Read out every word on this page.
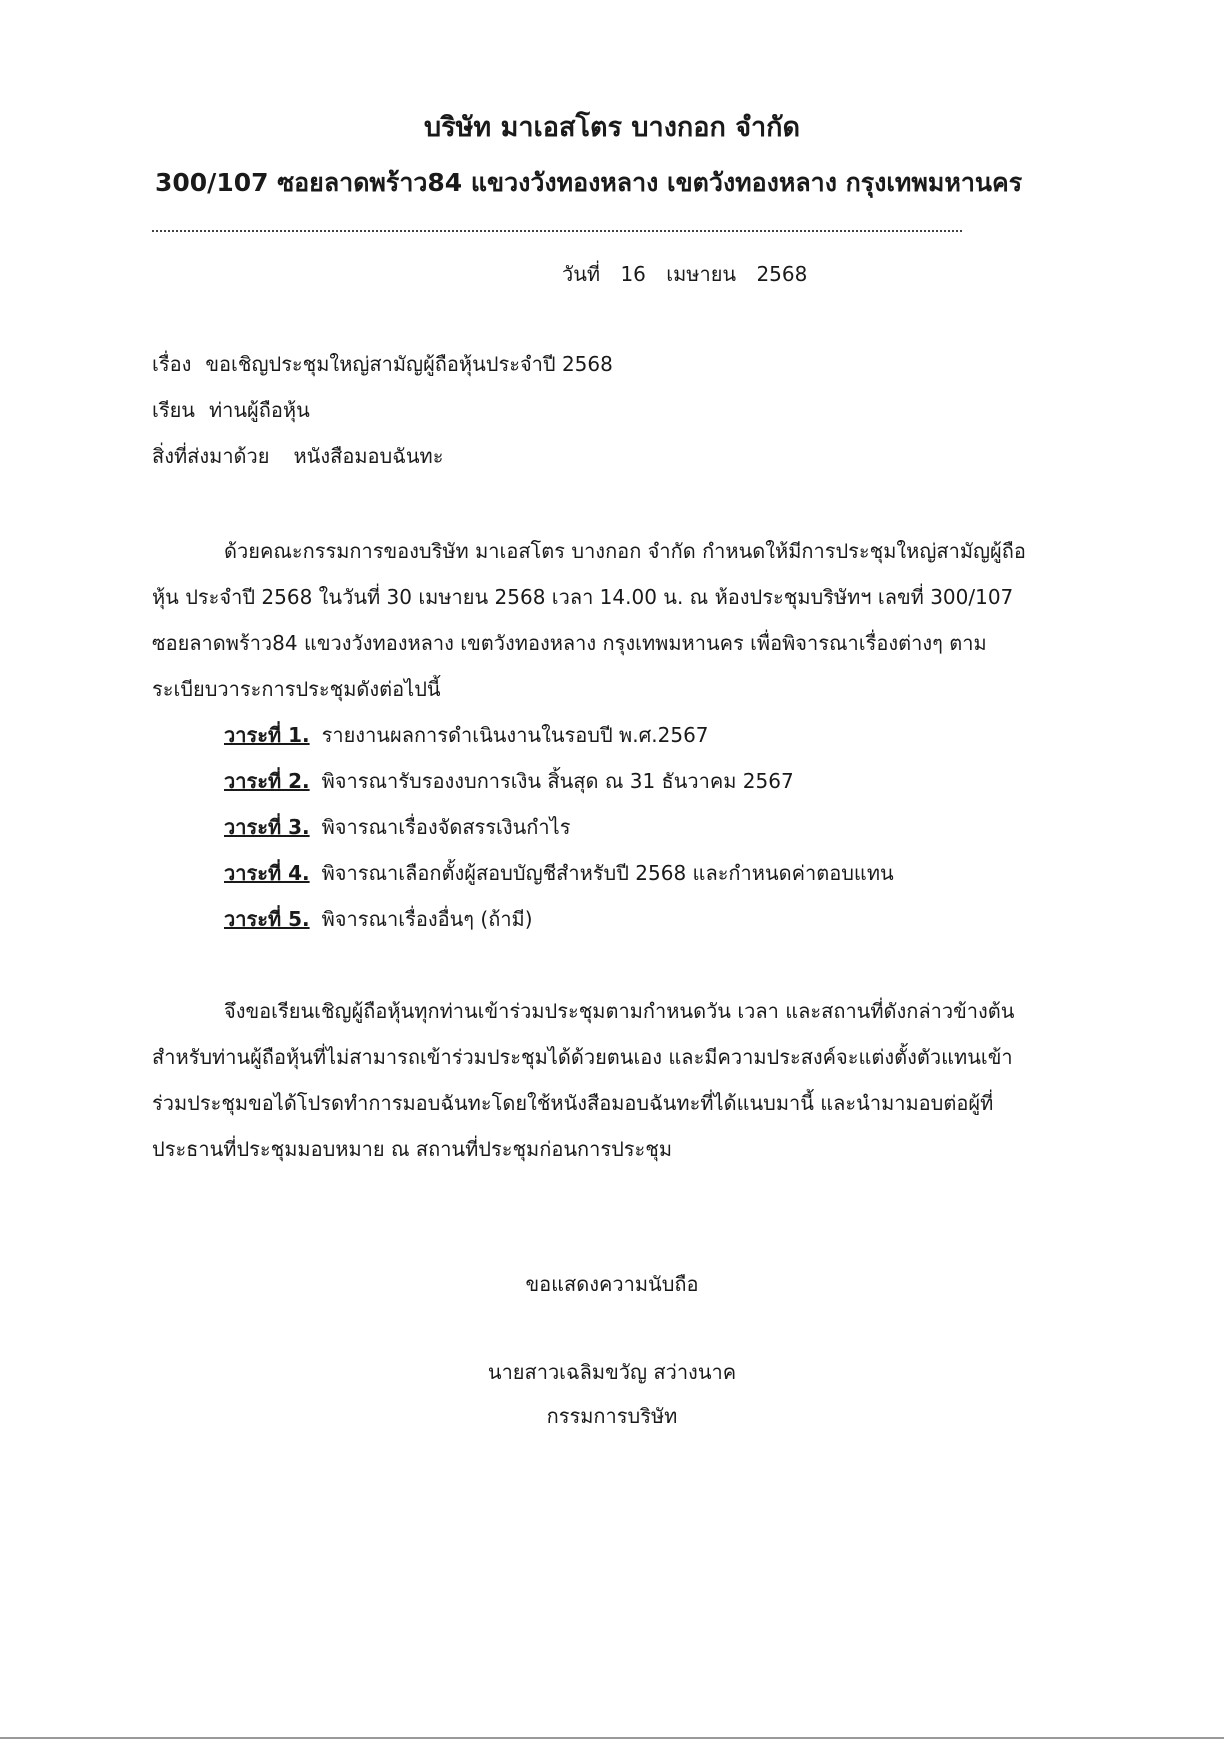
บริษัท มาเอสโตร บางกอก จำกัด
300/107 ซอยลาดพร้าว84 แขวงวังทองหลาง เขตวังทองหลาง กรุงเทพมหานคร
วันที่ 16 เมษายน 2568
เรื่อง ขอเชิญประชุมใหญ่สามัญผู้ถือหุ้นประจำปี 2568
เรียน ท่านผู้ถือหุ้น
สิ่งที่ส่งมาด้วย หนังสือมอบฉันทะ
ด้วยคณะกรรมการของบริษัท มาเอสโตร บางกอก จำกัด กำหนดให้มีการประชุมใหญ่สามัญผู้ถือ
หุ้น ประจำปี 2568 ในวันที่ 30 เมษายน 2568 เวลา 14.00 น. ณ ห้องประชุมบริษัทฯ เลขที่ 300/107
ซอยลาดพร้าว84 แขวงวังทองหลาง เขตวังทองหลาง กรุงเทพมหานคร เพื่อพิจารณาเรื่องต่างๆ ตาม
ระเบียบวาระการประชุมดังต่อไปนี้
วาระที่ 1. รายงานผลการดำเนินงานในรอบปี พ.ศ.2567
วาระที่ 2. พิจารณารับรองงบการเงิน สิ้นสุด ณ 31 ธันวาคม 2567
วาระที่ 3. พิจารณาเรื่องจัดสรรเงินกำไร
วาระที่ 4. พิจารณาเลือกตั้งผู้สอบบัญชีสำหรับปี 2568 และกำหนดค่าตอบแทน
วาระที่ 5. พิจารณาเรื่องอื่นๆ (ถ้ามี)
จึงขอเรียนเชิญผู้ถือหุ้นทุกท่านเข้าร่วมประชุมตามกำหนดวัน เวลา และสถานที่ดังกล่าวข้างต้น
สำหรับท่านผู้ถือหุ้นที่ไม่สามารถเข้าร่วมประชุมได้ด้วยตนเอง และมีความประสงค์จะแต่งตั้งตัวแทนเข้า
ร่วมประชุมขอได้โปรดทำการมอบฉันทะโดยใช้หนังสือมอบฉันทะที่ได้แนบมานี้ และนำมามอบต่อผู้ที่
ประธานที่ประชุมมอบหมาย ณ สถานที่ประชุมก่อนการประชุม
ขอแสดงความนับถือ
นายสาวเฉลิมขวัญ สว่างนาค
กรรมการบริษัท
